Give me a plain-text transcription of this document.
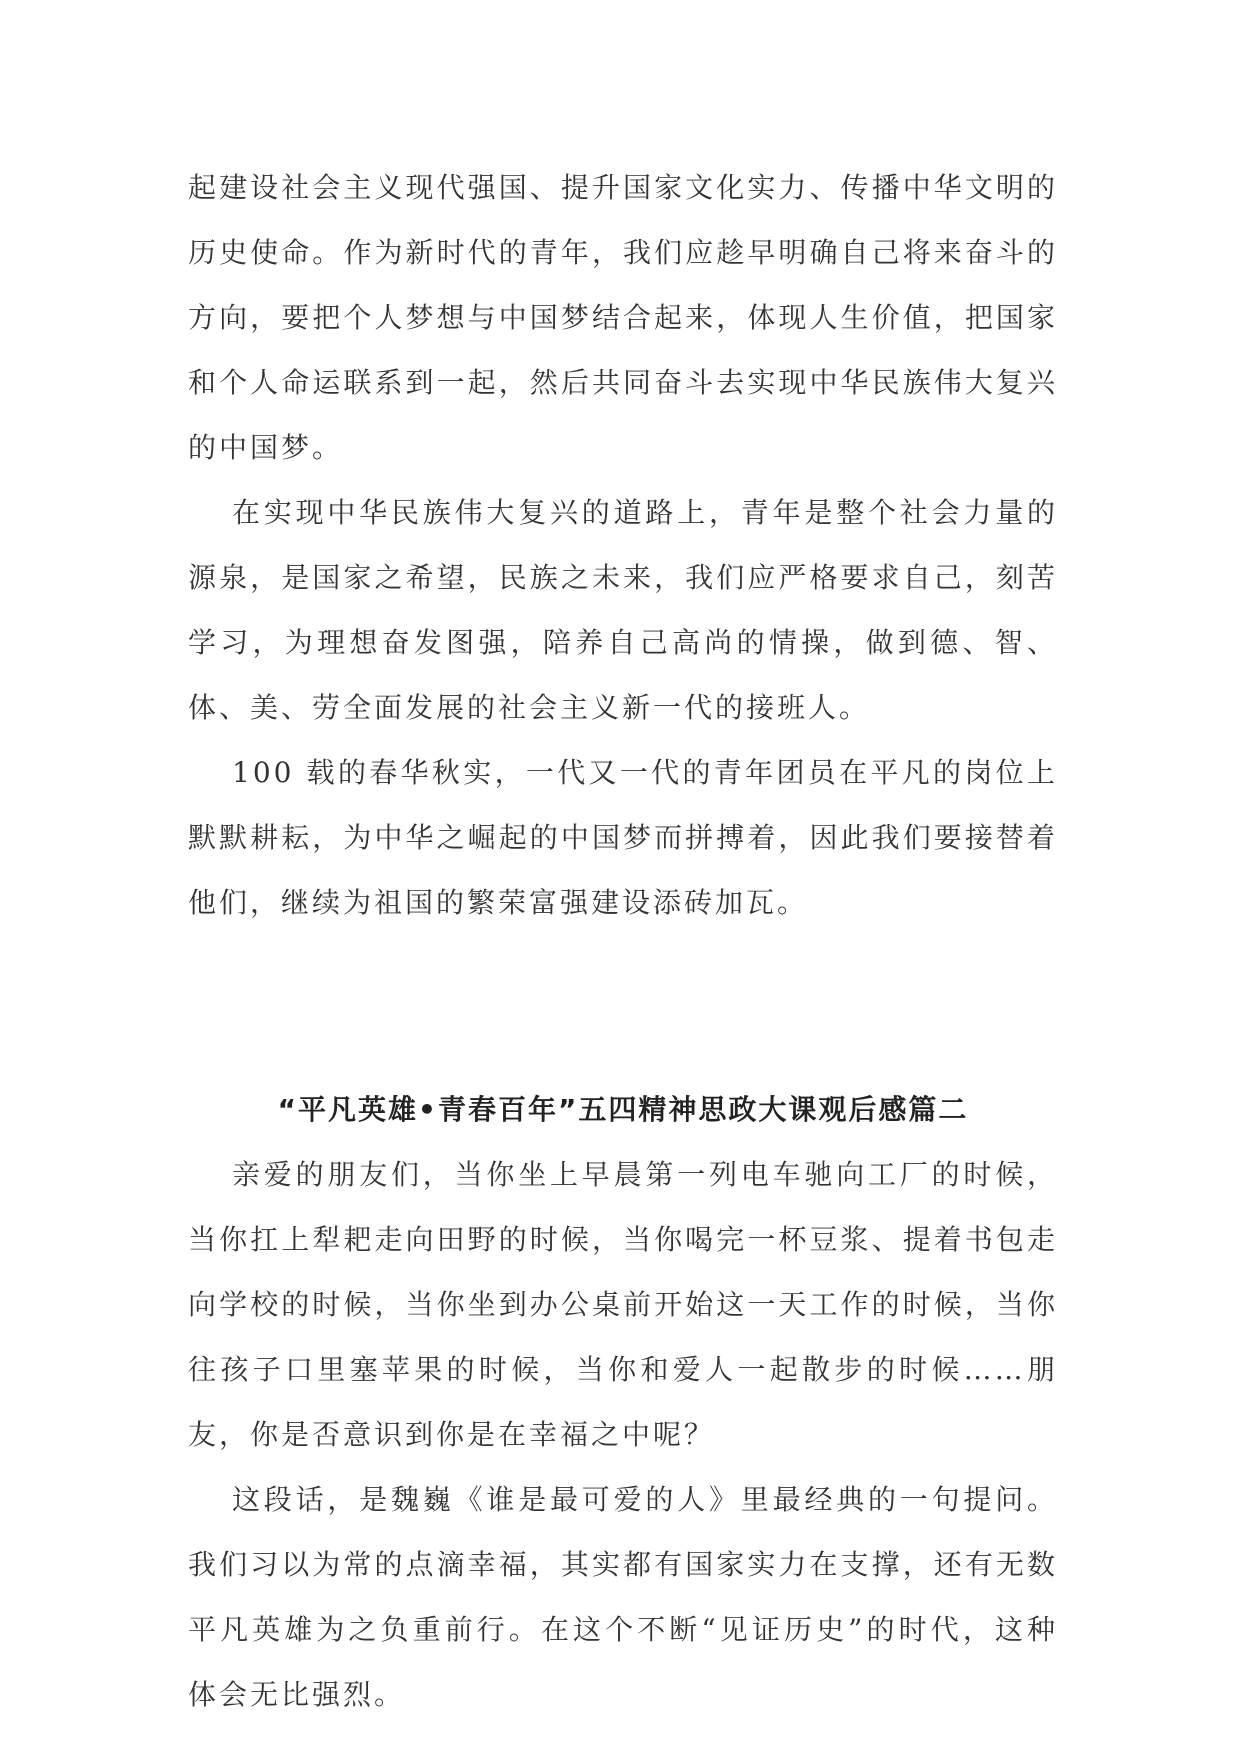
起建设社会主义现代强国、提升国家文化实力、传播中华文明的历史使命。作为新时代的青年，我们应趁早明确自己将来奋斗的方向，要把个人梦想与中国梦结合起来，体现人生价值，把国家和个人命运联系到一起，然后共同奋斗去实现中华民族伟大复兴的中国梦。

在实现中华民族伟大复兴的道路上，青年是整个社会力量的源泉，是国家之希望，民族之未来，我们应严格要求自己，刻苦学习，为理想奋发图强，陪养自己高尚的情操，做到德、智、体、美、劳全面发展的社会主义新一代的接班人。

100 载的春华秋实，一代又一代的青年团员在平凡的岗位上默默耕耘，为中华之崛起的中国梦而拼搏着，因此我们要接替着他们，继续为祖国的繁荣富强建设添砖加瓦。

“平凡英雄•青春百年”五四精神思政大课观后感篇二

亲爱的朋友们，当你坐上早晨第一列电车驰向工厂的时候，当你扛上犁耙走向田野的时候，当你喝完一杯豆浆、提着书包走向学校的时候，当你坐到办公桌前开始这一天工作的时候，当你往孩子口里塞苹果的时候，当你和爱人一起散步的时候……朋友，你是否意识到你是在幸福之中呢？

这段话，是魏巍《谁是最可爱的人》里最经典的一句提问。我们习以为常的点滴幸福，其实都有国家实力在支撑，还有无数平凡英雄为之负重前行。在这个不断“见证历史”的时代，这种体会无比强烈。
